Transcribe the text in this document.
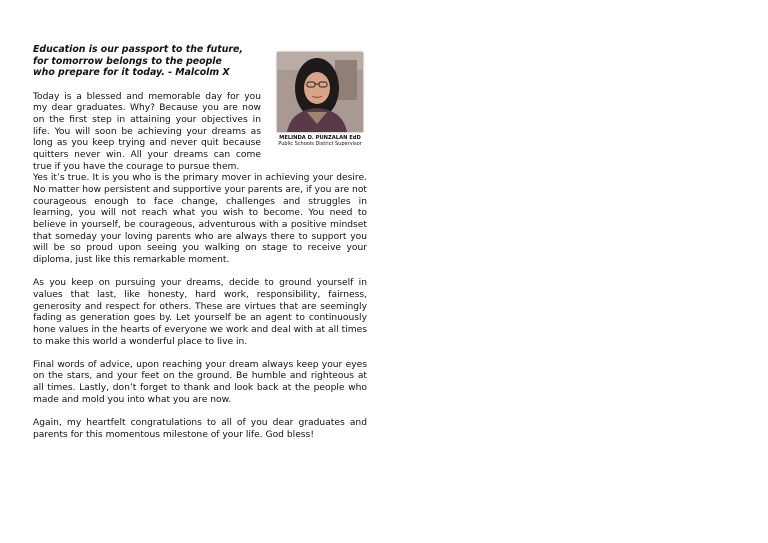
MELINDA D. PUNZALAN EdD
Public Schools District Supervisor
Education is our passport to the future,
for tomorrow belongs to the people
who prepare for it today. - Malcolm X

Today is a blessed and memorable day for you my dear graduates. Why? Because you are now on the first step in attaining your objectives in life. You will soon be achieving your dreams as long as you keep trying and never quit because quitters never win. All your dreams can come true if you have the courage to pursue them.

Yes it’s true. It is you who is the primary mover in achieving your desire. No matter how persistent and supportive your parents are, if you are not courageous enough to face change, challenges and struggles in learning, you will not reach what you wish to become. You need to believe in yourself, be courageous, adventurous with a positive mindset that someday your loving parents who are always there to support you will be so proud upon seeing you walking on stage to receive your diploma, just like this remarkable moment.

As you keep on pursuing your dreams, decide to ground yourself in values that last, like honesty, hard work, responsibility, fairness, generosity and respect for others. These are virtues that are seemingly fading as generation goes by. Let yourself be an agent to continuously hone values in the hearts of everyone we work and deal with at all times to make this world a wonderful place to live in.

Final words of advice, upon reaching your dream always keep your eyes on the stars, and your feet on the ground. Be humble and righteous at all times. Lastly, don’t forget to thank and look back at the people who made and mold you into what you are now.

Again, my heartfelt congratulations to all of you dear graduates and parents for this momentous milestone of your life. God bless!
